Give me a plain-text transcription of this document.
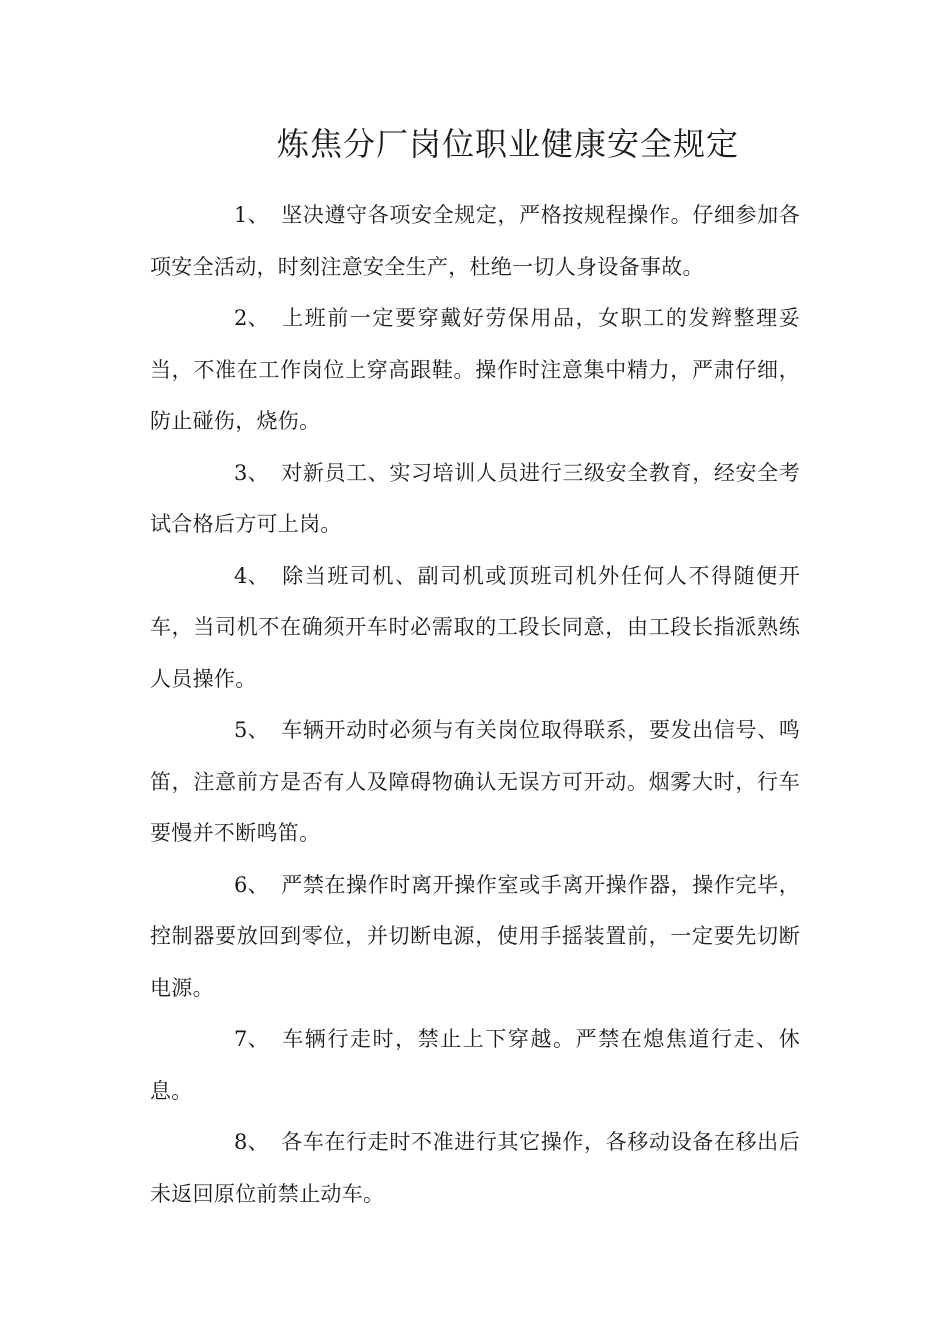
炼焦分厂岗位职业健康安全规定

1、 坚决遵守各项安全规定，严格按规程操作。仔细参加各项安全活动，时刻注意安全生产，杜绝一切人身设备事故。

2、 上班前一定要穿戴好劳保用品，女职工的发辫整理妥当，不准在工作岗位上穿高跟鞋。操作时注意集中精力，严肃仔细，防止碰伤，烧伤。

3、 对新员工、实习培训人员进行三级安全教育，经安全考试合格后方可上岗。

4、 除当班司机、副司机或顶班司机外任何人不得随便开车，当司机不在确须开车时必需取的工段长同意，由工段长指派熟练人员操作。

5、 车辆开动时必须与有关岗位取得联系，要发出信号、鸣笛，注意前方是否有人及障碍物确认无误方可开动。烟雾大时，行车要慢并不断鸣笛。

6、 严禁在操作时离开操作室或手离开操作器，操作完毕，控制器要放回到零位，并切断电源，使用手摇装置前，一定要先切断电源。

7、 车辆行走时，禁止上下穿越。严禁在熄焦道行走、休息。

8、 各车在行走时不准进行其它操作，各移动设备在移出后未返回原位前禁止动车。
